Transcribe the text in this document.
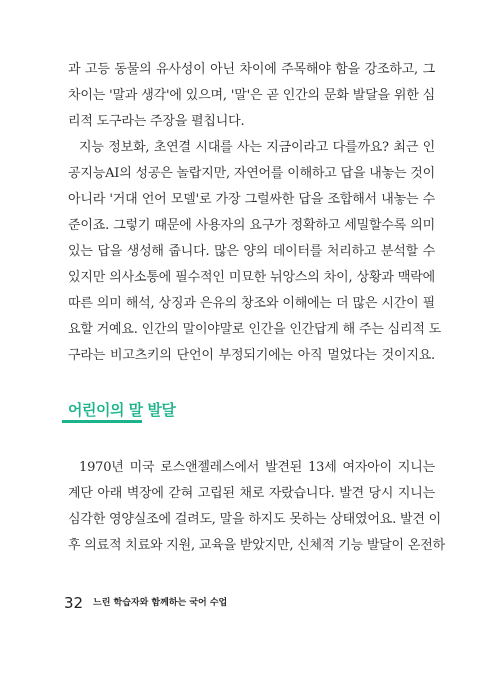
과 고등 동물의 유사성이 아닌 차이에 주목해야 함을 강조하고, 그
차이는 '말과 생각'에 있으며, '말'은 곧 인간의 문화 발달을 위한 심
리적 도구라는 주장을 펼칩니다.
지능 정보화, 초연결 시대를 사는 지금이라고 다를까요? 최근 인
공지능AI의 성공은 놀랍지만, 자연어를 이해하고 답을 내놓는 것이
아니라 '거대 언어 모델'로 가장 그럴싸한 답을 조합해서 내놓는 수
준이죠. 그렇기 때문에 사용자의 요구가 정확하고 세밀할수록 의미
있는 답을 생성해 줍니다. 많은 양의 데이터를 처리하고 분석할 수
있지만 의사소통에 필수적인 미묘한 뉘앙스의 차이, 상황과 맥락에
따른 의미 해석, 상징과 은유의 창조와 이해에는 더 많은 시간이 필
요할 거예요. 인간의 말이야말로 인간을 인간답게 해 주는 심리적 도
구라는 비고츠키의 단언이 부정되기에는 아직 멀었다는 것이지요.
어린이의 말 발달
1970년 미국 로스앤젤레스에서 발견된 13세 여자아이 지니는
계단 아래 벽장에 갇혀 고립된 채로 자랐습니다. 발견 당시 지니는
심각한 영양실조에 걸려도, 말을 하지도 못하는 상태였어요. 발견 이
후 의료적 치료와 지원, 교육을 받았지만, 신체적 기능 발달이 온전하
32 느린 학습자와 함께하는 국어 수업
